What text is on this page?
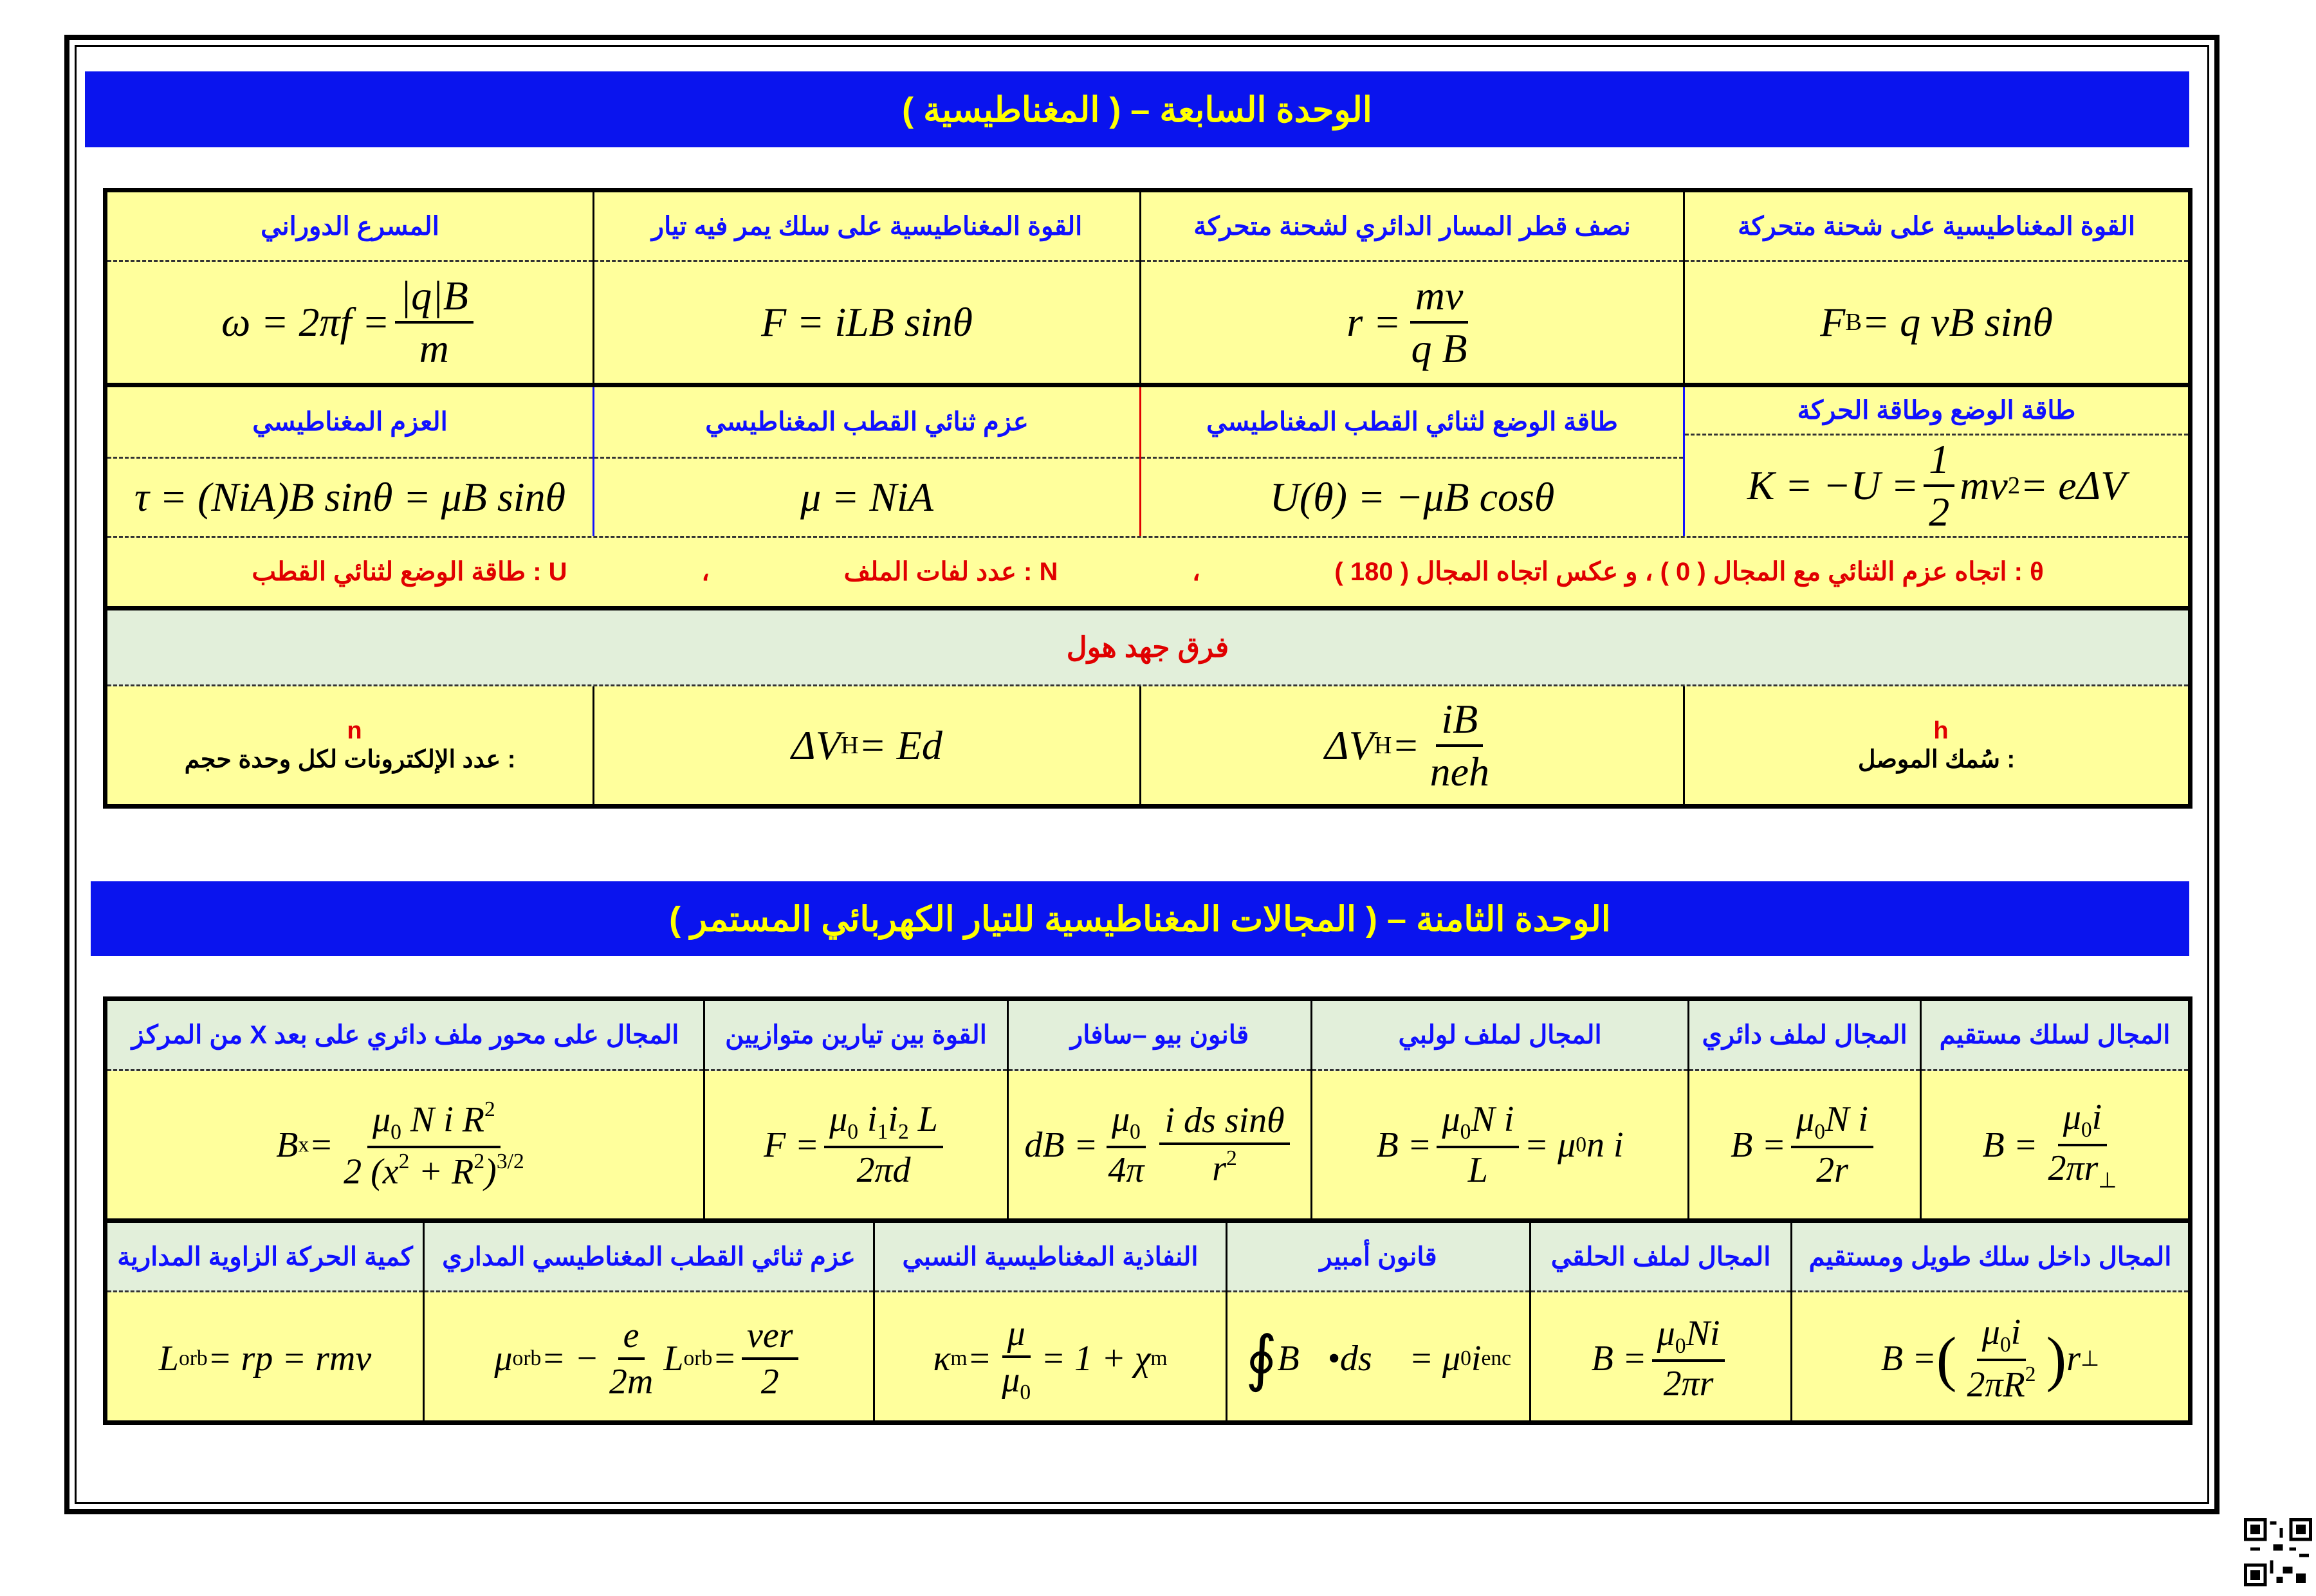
الوحدة السابعة – ( المغناطيسية )
القوة المغناطيسية على شحنة متحركة
F B = q vB sinθ
نصف قطر المسار الدائري لشحنة متحركة
$r = \frac{mv}{\text{q B}}$
القوة المغناطيسية على سلك يمر فيه تيار
F = iLB sinθ
المسرع الدوراني
$\omega = 2\pi f = \frac{|q|B}{m}$
طاقة الوضع وطاقة الحركة
$K = -U = \frac{1}{2}$ mv 2 = eΔV
طاقة الوضع لثنائي القطب المغناطيسي
U(θ) = −μB cosθ
عزم ثنائي القطب المغناطيسي
μ = NiA
العزم المغناطيسي
τ = (NiA)B sinθ = μB sinθ
θ : اتجاه عزم الثنائي مع المجال ( 0 ) ، و عكس اتجاه المجال ( 180 )
،
N : عدد لفات الملف
،
U : طاقة الوضع لثنائي القطب
فرق جهد هول
h
: سُمك الموصل
ΔV $H = \frac{iB}{\text{neh}}$
ΔV H = Ed
n
: عدد الإلكترونات لكل وحدة حجم
الوحدة الثامنة – ( المجالات المغناطيسية للتيار الكهربائي المستمر )
المجال لسلك مستقيم
$B = \frac{\mu_0i}{2\pi r_\perp}$
المجال لملف دائري
$B = \frac{\mu_0N i}{2r}$
المجال لملف لولبي
$B = \frac{\mu_0N i}{L} = \mu$ 0 n i
قانون بيو –سافار
dB = $\frac{\mu_0}{4\pi} \frac{\text{i ds sinθ}}{r^2}$
القوة بين تيارين متوازيين
$F = \frac{\mu_0 i_1i_2 L}{2\pi d}$
المجال على محور ملف دائري على بعد X من المركز
B $x = \frac{\mu_0 N i R^2}{2 (x^2 + R^2)^{3/2}}$
المجال داخل سلك طويل ومستقيم
B = ( $\frac{\mu_0i}{2\pi R^2}$ ) r ⊥
المجال لملف الحلقي
$B = \frac{\mu_0Ni}{2\pi r}$
قانون أمبير
∮ B⃗•ds⃗ = μ 0 i enc
النفاذية المغناطيسية النسبي
κ $m = \frac{\mu}{\mu_0} = 1 + \chi$ m
عزم ثنائي القطب المغناطيسي المداري
μ orb = − $\frac{e}{2m}$ L orb = $\frac{\text{ver}}{2}$
كمية الحركة الزاوية المدارية
L orb = rp = rmv
